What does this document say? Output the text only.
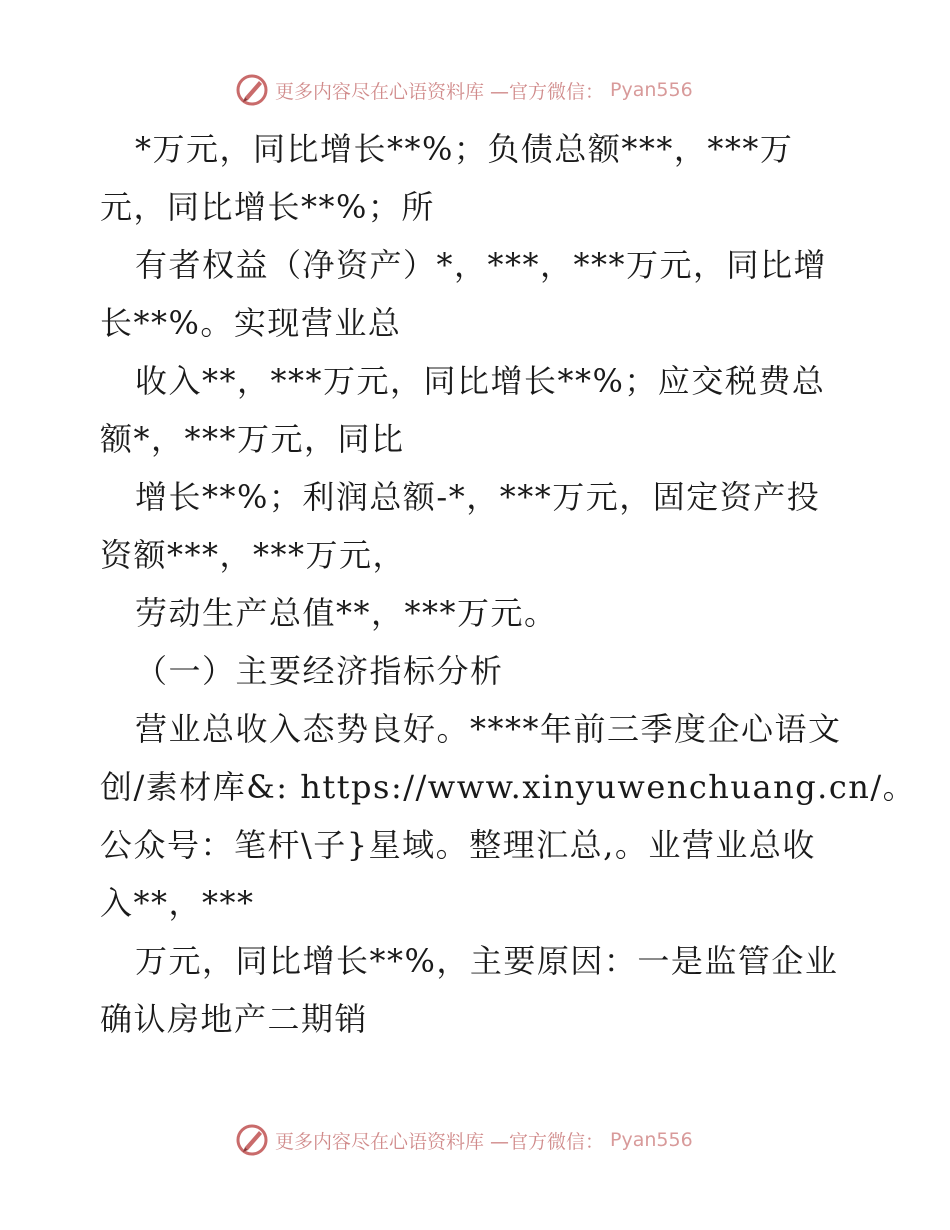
更多内容尽在心语资料库 —官方微信： Pyan556

*万元，同比增长**%；负债总额***，***万

元，同比增长**%；所

有者权益（净资产）*，***，***万元，同比增

长**%。实现营业总

收入**，***万元，同比增长**%；应交税费总

额*，***万元，同比

增长**%；利润总额-*，***万元，固定资产投

资额***，***万元，

劳动生产总值**，***万元。

（一）主要经济指标分析

营业总收入态势良好。****年前三季度企心语文

创/素材库&: https://www.xinyuwenchuang.cn/。

公众号：笔杆\子}星域。整理汇总,。业营业总收

入**，***

万元，同比增长**%，主要原因：一是监管企业

确认房地产二期销

更多内容尽在心语资料库 —官方微信： Pyan556
